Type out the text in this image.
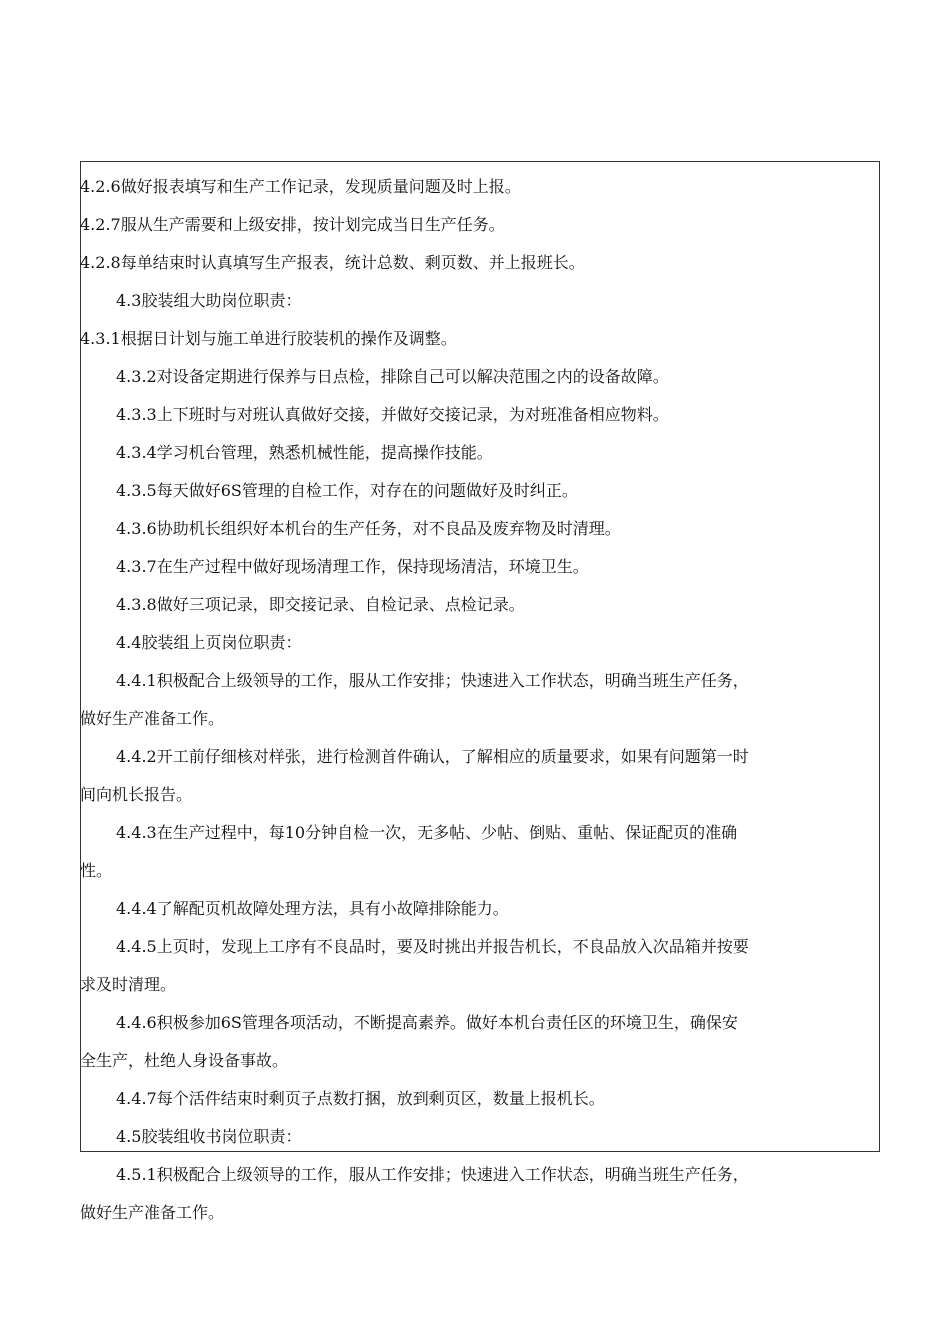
4.2.6做好报表填写和生产工作记录，发现质量问题及时上报。
4.2.7服从生产需要和上级安排，按计划完成当日生产任务。
4.2.8每单结束时认真填写生产报表，统计总数、剩页数、并上报班长。
4.3胶装组大助岗位职责：
4.3.1根据日计划与施工单进行胶装机的操作及调整。
4.3.2对设备定期进行保养与日点检，排除自己可以解决范围之内的设备故障。
4.3.3上下班时与对班认真做好交接，并做好交接记录，为对班准备相应物料。
4.3.4学习机台管理，熟悉机械性能，提高操作技能。
4.3.5每天做好6S管理的自检工作，对存在的问题做好及时纠正。
4.3.6协助机长组织好本机台的生产任务，对不良品及废弃物及时清理。
4.3.7在生产过程中做好现场清理工作，保持现场清洁，环境卫生。
4.3.8做好三项记录，即交接记录、自检记录、点检记录。
4.4胶装组上页岗位职责：
4.4.1积极配合上级领导的工作，服从工作安排；快速进入工作状态，明确当班生产任务，
做好生产准备工作。
4.4.2开工前仔细核对样张，进行检测首件确认，了解相应的质量要求，如果有问题第一时
间向机长报告。
4.4.3在生产过程中，每10分钟自检一次，无多帖、少帖、倒贴、重帖、保证配页的准确
性。
4.4.4了解配页机故障处理方法，具有小故障排除能力。
4.4.5上页时，发现上工序有不良品时，要及时挑出并报告机长，不良品放入次品箱并按要
求及时清理。
4.4.6积极参加6S管理各项活动，不断提高素养。做好本机台责任区的环境卫生，确保安
全生产，杜绝人身设备事故。
4.4.7每个活件结束时剩页子点数打捆，放到剩页区，数量上报机长。
4.5胶装组收书岗位职责：
4.5.1积极配合上级领导的工作，服从工作安排；快速进入工作状态，明确当班生产任务，
做好生产准备工作。
